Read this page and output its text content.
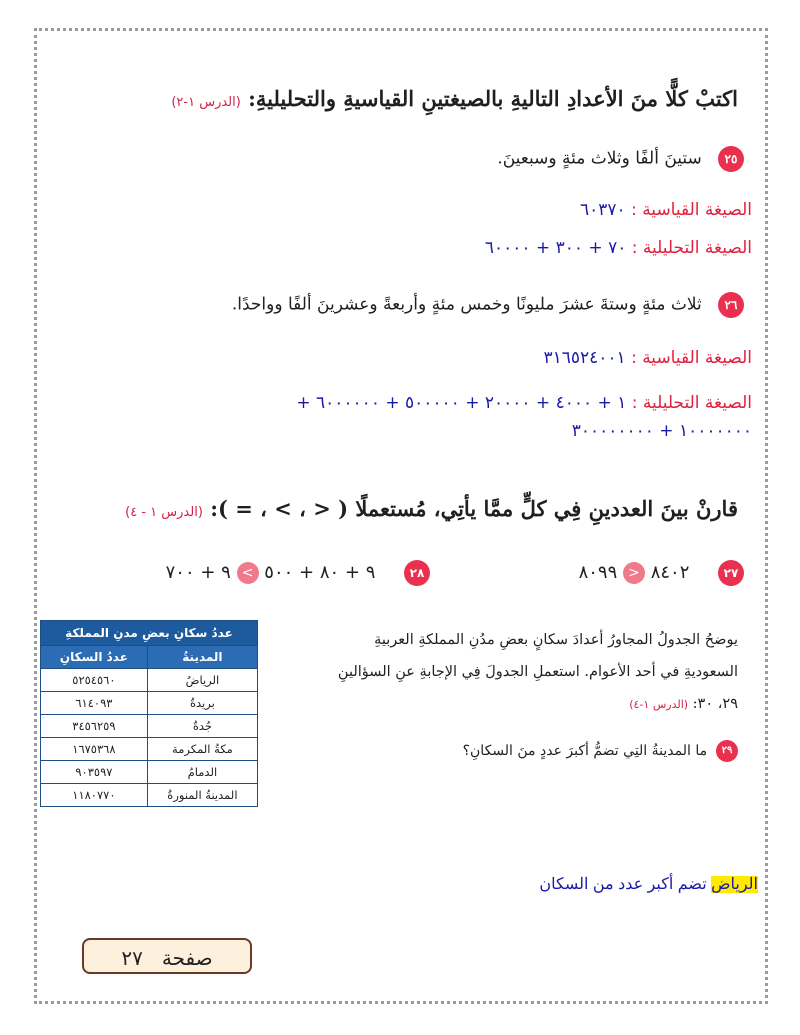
اكتبْ كلًّا منَ الأعدادِ التاليةِ بالصيغتينِ القياسيةِ والتحليليةِ: (الدرس ١-٢)
٢٥   ستينَ ألفًا وثلاث مئةٍ وسبعينَ.
الصيغة القياسية : ٦٠٣٧٠
الصيغة التحليلية : ٧٠ + ٣٠٠ + ٦٠٠٠٠
٢٦   ثلاث مئةٍ وستةَ عشرَ مليونًا وخمس مئةٍ وأربعةً وعشرينَ ألفًا وواحدًا.
الصيغة القياسية : ٣١٦٥٢٤٠٠١
الصيغة التحليلية : ١ + ٤٠٠٠ + ٢٠٠٠٠ + ٥٠٠٠٠٠ + ٦٠٠٠٠٠٠ +
١٠٠٠٠٠٠٠ + ٣٠٠٠٠٠٠٠٠
قارنْ بينَ العددينِ فِي كلٍّ ممَّا يأتِي، مُستعملًا ( < ، > ، = ): (الدرس ١ - ٤)
٢٧     ٨٤٠٢ < ٨٠٩٩
٢٨     ٩ + ٨٠ + ٥٠٠ > ٩ + ٧٠٠
عددُ سكانِ بعضِ مدنِ المملكةِ	
المدينةُ	عددُ السكانِ
الرياضُ	٥٢٥٤٥٦٠
بريدةُ	٦١٤٠٩٣
جُدةُ	٣٤٥٦٢٥٩
مكةُ المكرمة	١٦٧٥٣٦٨
الدمامُ	٩٠٣٥٩٧
المدينةُ المنورةُ	١١٨٠٧٧٠
يوضحُ الجدولُ المجاورُ أعدادَ سكانٍ بعضِ مدُنِ المملكةِ العربيةِ
السعوديةِ في أحد الأعوام. استعملِ الجدولَ فِي الإجابةِ عنِ السؤالينِ
٢٩، ٣٠: (الدرس ١-٤)
٢٩  ما المدينةُ التِي تضمُّ أكبرَ عددٍ منَ السكانِ؟
الرياض تضم أكبر عدد من السكان
صفحة   ٢٧
